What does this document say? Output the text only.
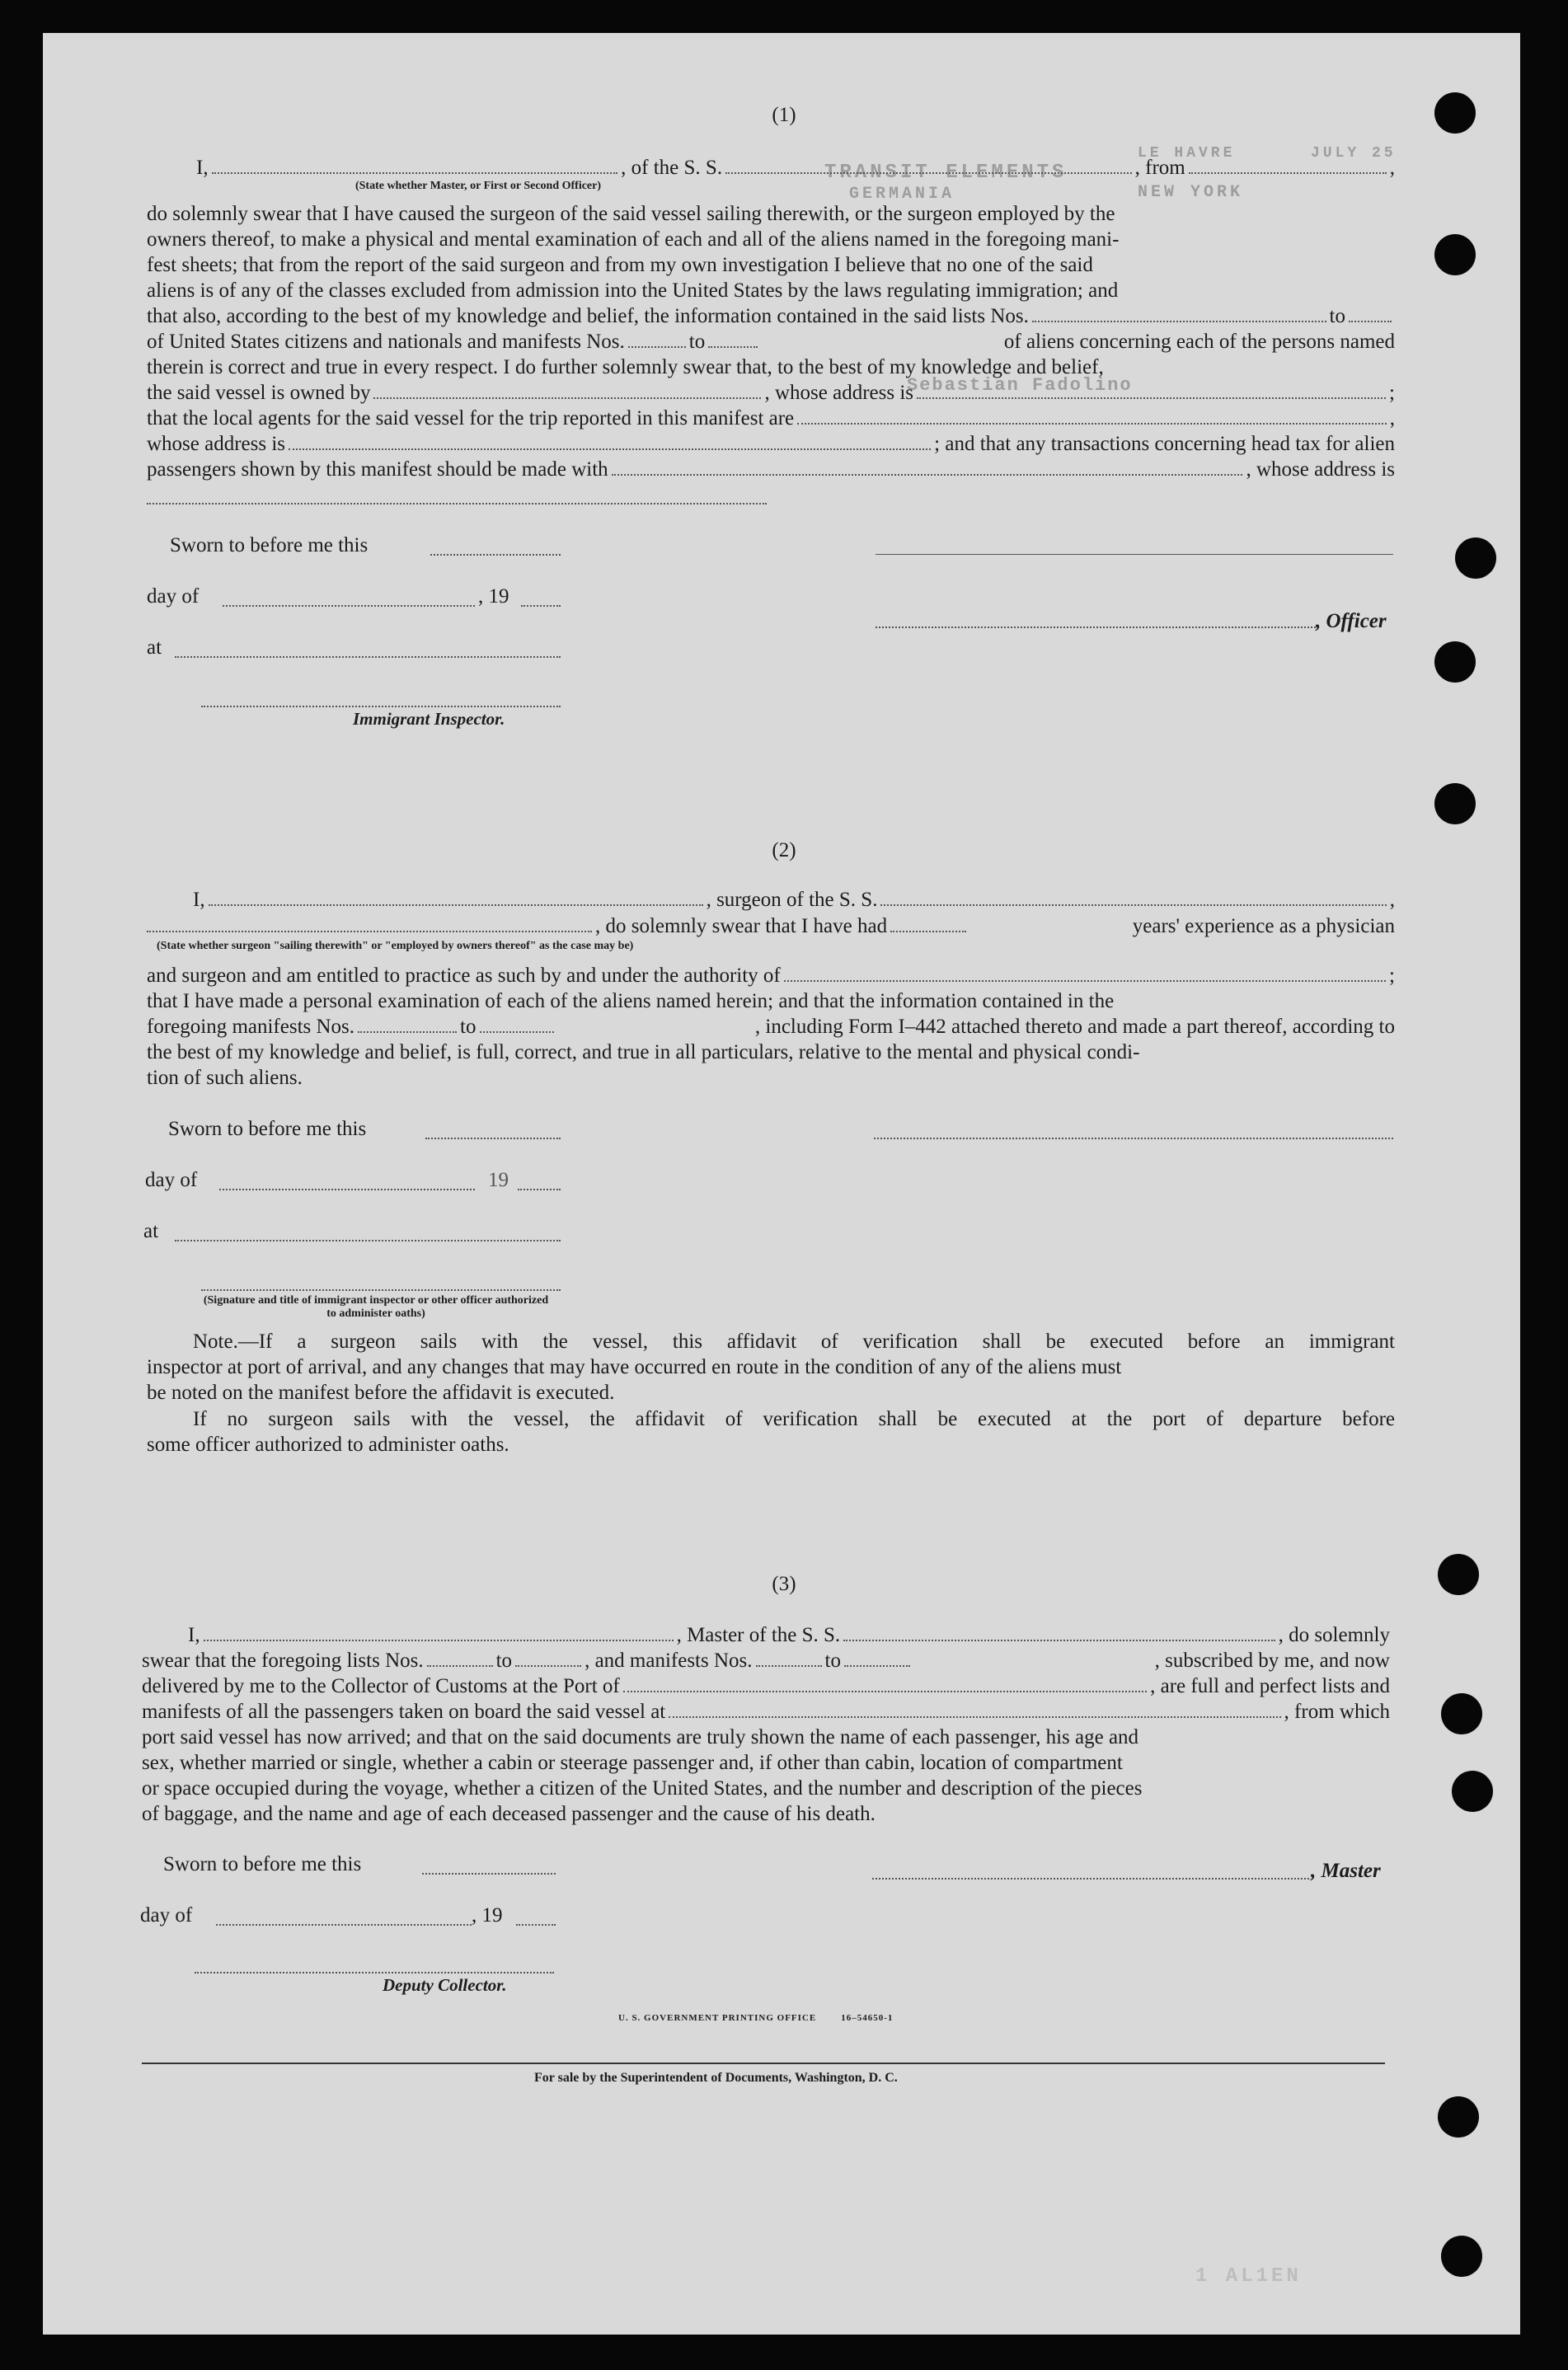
TRANSIT ELEMENTS
GERMANIA
LE HAVRE
NEW YORK
JULY 25
Sebastian Fadolino
1 AL1EN
(1)
I,	, of the S. S.	, from	,
(State whether Master, or First or Second Officer)
do solemnly swear that I have caused the surgeon of the said vessel sailing therewith, or the surgeon employed by the
owners thereof, to make a physical and mental examination of each and all of the aliens named in the foregoing mani-
fest sheets; that from the report of the said surgeon and from my own investigation I believe that no one of the said
aliens is of any of the classes excluded from admission into the United States by the laws regulating immigration; and
that also, according to the best of my knowledge and belief, the information contained in the said lists Nos.	to
of United States citizens and nationals and manifests Nos.	to	of aliens concerning each of the persons named
therein is correct and true in every respect. I do further solemnly swear that, to the best of my knowledge and belief,
the said vessel is owned by	, whose address is	;
that the local agents for the said vessel for the trip reported in this manifest are	,
whose address is	; and that any transactions concerning head tax for alien
passengers shown by this manifest should be made with	, whose address is
Sworn to before me this
day of	, 19
, Officer
at
Immigrant Inspector.
(2)
I,	, surgeon of the S. S.	,
, do solemnly swear that I have had	years' experience as a physician
(State whether surgeon "sailing therewith" or "employed by owners thereof" as the case may be)
and surgeon and am entitled to practice as such by and under the authority of	;
that I have made a personal examination of each of the aliens named herein; and that the information contained in the
foregoing manifests Nos.	to	, including Form I–442 attached thereto and made a part thereof, according to
the best of my knowledge and belief, is full, correct, and true in all particulars, relative to the mental and physical condi-
tion of such aliens.
Sworn to before me this
day of	19
at
(Signature and title of immigrant inspector or other officer authorized to administer oaths)
Note.—If a surgeon sails with the vessel, this affidavit of verification shall be executed before an immigrant
inspector at port of arrival, and any changes that may have occurred en route in the condition of any of the aliens must
be noted on the manifest before the affidavit is executed.
If no surgeon sails with the vessel, the affidavit of verification shall be executed at the port of departure before
some officer authorized to administer oaths.
(3)
I,	, Master of the S. S.	, do solemnly
swear that the foregoing lists Nos.	to	, and manifests Nos.	to	, subscribed by me, and now
delivered by me to the Collector of Customs at the Port of	, are full and perfect lists and
manifests of all the passengers taken on board the said vessel at	, from which
port said vessel has now arrived; and that on the said documents are truly shown the name of each passenger, his age and
sex, whether married or single, whether a cabin or steerage passenger and, if other than cabin, location of compartment
or space occupied during the voyage, whether a citizen of the United States, and the number and description of the pieces
of baggage, and the name and age of each deceased passenger and the cause of his death.
Sworn to before me this	, Master
day of	, 19
Deputy Collector.
U. S. GOVERNMENT PRINTING OFFICE        16–54650-1
For sale by the Superintendent of Documents, Washington, D. C.
